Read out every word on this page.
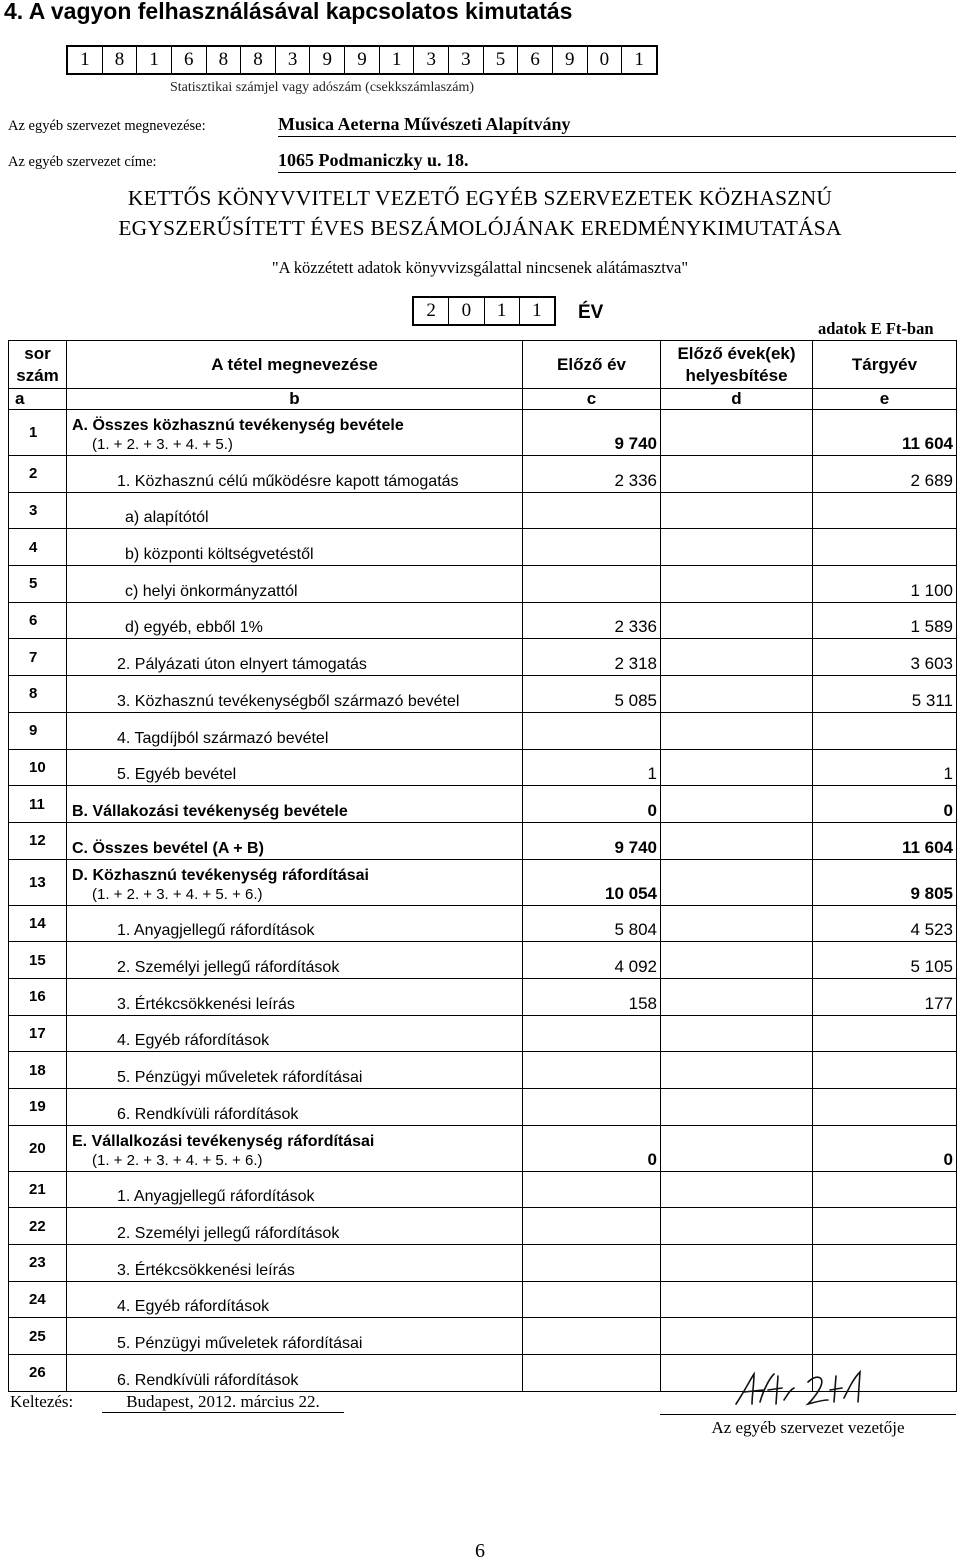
4. A vagyon felhasználásával kapcsolatos kimutatás
1	8	1	6	8	8	3	9	9	1	3	3	5	6	9	0	1
Statisztikai számjel vagy adószám (csekkszámlaszám)
Az egyéb szervezet megnevezése:	Musica Aeterna Művészeti Alapítvány
Az egyéb szervezet címe:	1065 Podmaniczky u. 18.
KETTŐS KÖNYVVITELT VEZETŐ EGYÉB SZERVEZETEK KÖZHASZNÚ
EGYSZERŰSÍTETT ÉVES BESZÁMOLÓJÁNAK EREDMÉNYKIMUTATÁSA
"A közzétett adatok könyvvizsgálattal nincsenek alátámasztva"
2	0	1	1	ÉV
adatok E Ft-ban
sor
szám	A tétel megnevezése	Előző év	Előző évek(ek)
helyesbítése	Tárgyév
a	b	c	d	e
1	A. Összes közhasznú tevékenység bevétele
(1. + 2. + 3. + 4. + 5.)	9 740		11 604
2	1. Közhasznú célú működésre kapott támogatás	2 336		2 689
3	a) alapítótól			
4	b) központi költségvetéstől			
5	c) helyi önkormányzattól			1 100
6	d) egyéb, ebből 1%	2 336		1 589
7	2. Pályázati úton elnyert támogatás	2 318		3 603
8	3. Közhasznú tevékenységből származó bevétel	5 085		5 311
9	4. Tagdíjból származó bevétel			
10	5. Egyéb bevétel	1		1
11	B. Vállakozási tevékenység bevétele	0		0
12	C. Összes bevétel (A + B)	9 740		11 604
13	D. Közhasznú tevékenység ráfordításai
(1. + 2. + 3. + 4. + 5. + 6.)	10 054		9 805
14	1. Anyagjellegű ráfordítások	5 804		4 523
15	2. Személyi jellegű ráfordítások	4 092		5 105
16	3. Értékcsökkenési leírás	158		177
17	4. Egyéb ráfordítások			
18	5. Pénzügyi műveletek ráfordításai			
19	6. Rendkívüli ráfordítások			
20	E. Vállalkozási tevékenység ráfordításai
(1. + 2. + 3. + 4. + 5. + 6.)	0		0
21	1. Anyagjellegű ráfordítások			
22	2. Személyi jellegű ráfordítások			
23	3. Értékcsökkenési leírás			
24	4. Egyéb ráfordítások			
25	5. Pénzügyi műveletek ráfordításai			
26	6. Rendkívüli ráfordítások			
Keltezés:	Budapest, 2012. március 22.
Az egyéb szervezet vezetője
6
